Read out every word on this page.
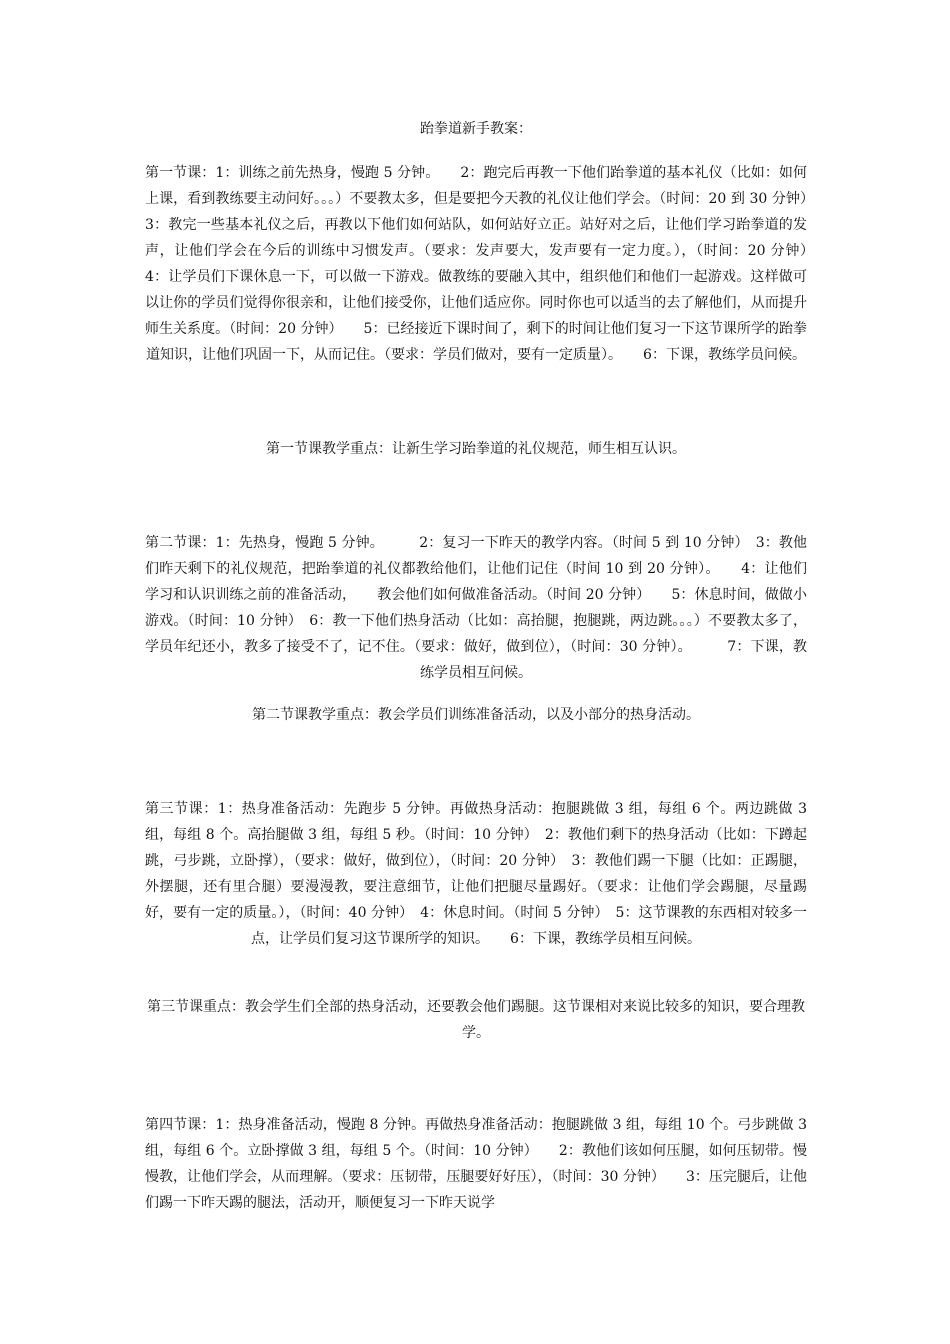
跆拳道新手教案：

第一节课：1：训练之前先热身，慢跑 5 分钟。　　2：跑完后再教一下他们跆拳道的基本礼仪（比如：如何上课，看到教练要主动问好。。。）不要教太多，但是要把今天教的礼仪让他们学会。（时间：20 到 30 分钟）　3：教完一些基本礼仪之后，再教以下他们如何站队，如何站好立正。站好对之后，让他们学习跆拳道的发声，让他们学会在今后的训练中习惯发声。（要求：发声要大，发声要有一定力度。），（时间：20 分钟）　　4：让学员们下课休息一下，可以做一下游戏。做教练的要融入其中，组织他们和他们一起游戏。这样做可以让你的学员们觉得你很亲和，让他们接受你，让他们适应你。同时你也可以适当的去了解他们，从而提升师生关系度。（时间：20 分钟）　　5：已经接近下课时间了，剩下的时间让他们复习一下这节课所学的跆拳道知识，让他们巩固一下，从而记住。（要求：学员们做对，要有一定质量）。　　6：下课，教练学员问候。

第一节课教学重点：让新生学习跆拳道的礼仪规范，师生相互认识。

第二节课：1：先热身，慢跑 5 分钟。　　　2：复习一下昨天的教学内容。（时间 5 到 10 分钟）　3：教他们昨天剩下的礼仪规范，把跆拳道的礼仪都教给他们，让他们记住（时间 10 到 20 分钟）。　　4：让他们学习和认识训练之前的准备活动，　　教会他们如何做准备活动。（时间 20 分钟）　　5：休息时间，做做小游戏。（时间：10 分钟）　6：教一下他们热身活动（比如：高抬腿，抱腿跳，两边跳。。。）不要教太多了，学员年纪还小，教多了接受不了，记不住。（要求：做好，做到位），（时间：30 分钟）。　　　7：下课，教练学员相互问候。

第二节课教学重点：教会学员们训练准备活动，以及小部分的热身活动。

第三节课：1：热身准备活动：先跑步 5 分钟。再做热身活动：抱腿跳做 3 组，每组 6 个。两边跳做 3 组，每组 8 个。高抬腿做 3 组，每组 5 秒。（时间：10 分钟）　2：教他们剩下的热身活动（比如：下蹲起跳，弓步跳，立卧撑），（要求：做好，做到位），（时间：20 分钟）　3：教他们踢一下腿（比如：正踢腿，外摆腿，还有里合腿）要漫漫教，要注意细节，让他们把腿尽量踢好。（要求：让他们学会踢腿，尽量踢好，要有一定的质量。），（时间：40 分钟）　4：休息时间。（时间 5 分钟）　5：这节课教的东西相对较多一点，让学员们复习这节课所学的知识。　　6：下课，教练学员相互问候。

第三节课重点：教会学生们全部的热身活动，还要教会他们踢腿。这节课相对来说比较多的知识，要合理教学。

第四节课：1：热身准备活动，慢跑 8 分钟。再做热身准备活动：抱腿跳做 3 组，每组 10 个。弓步跳做 3 组，每组 6 个。立卧撑做 3 组，每组 5 个。（时间：10 分钟）　　2：教他们该如何压腿，如何压韧带。慢慢教，让他们学会，从而理解。（要求：压韧带，压腿要好好压），（时间：30 分钟）　　3：压完腿后，让他们踢一下昨天踢的腿法，活动开，顺便复习一下昨天说学
